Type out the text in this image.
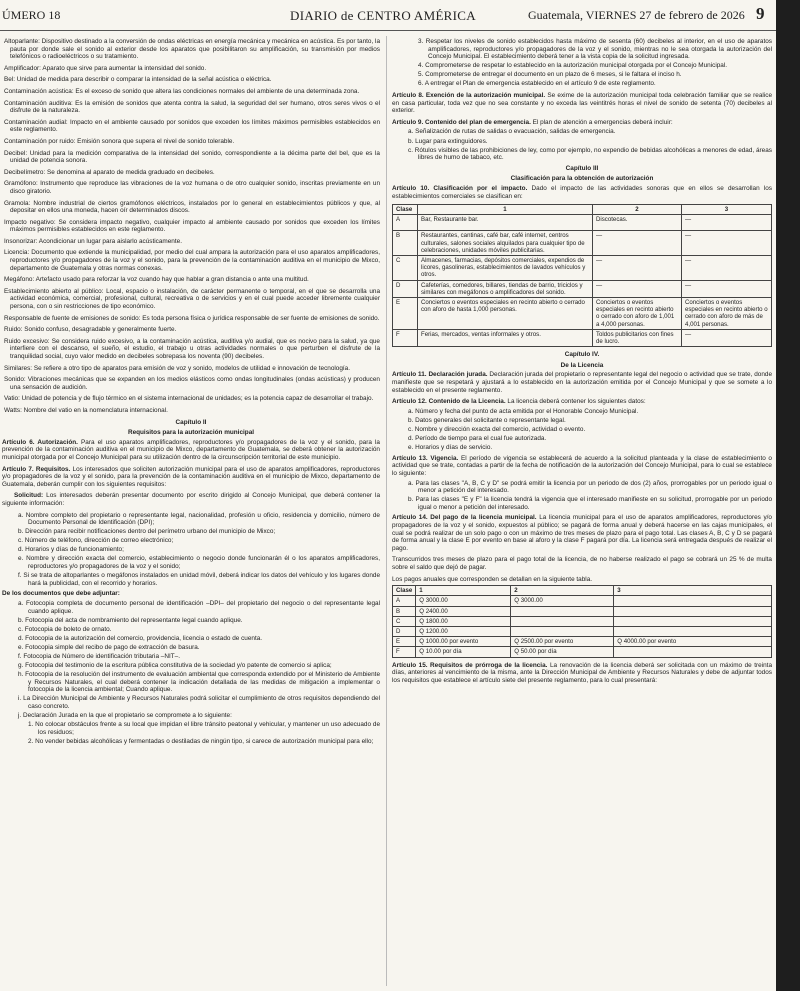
ÚMERO 18	DIARIO de CENTRO AMÉRICA	Guatemala, VIERNES 27 de febrero de 2026 9

Altoparlante: Dispositivo destinado a la conversión de ondas eléctricas en energía mecánica y mecánica en acústica. Es por tanto, la pauta por donde sale el sonido al exterior desde los aparatos que posibilitaron su amplificación, su transmisión por medios telefónicos o radioeléctricos o su tratamiento.

Amplificador: Aparato que sirve para aumentar la intensidad del sonido.

Bel: Unidad de medida para describir o comparar la intensidad de la señal acústica o eléctrica.

Contaminación acústica: Es el exceso de sonido que altera las condiciones normales del ambiente de una determinada zona.

Contaminación auditiva: Es la emisión de sonidos que atenta contra la salud, la seguridad del ser humano, otros seres vivos o el disfrute de la naturaleza.

Contaminación audial: Impacto en el ambiente causado por sonidos que exceden los límites máximos permisibles establecidos en este reglamento.

Contaminación por ruido: Emisión sonora que supera el nivel de sonido tolerable.

Decibel: Unidad para la medición comparativa de la intensidad del sonido, correspondiente a la décima parte del bel, que es la unidad de potencia sonora.

Decibelímetro: Se denomina al aparato de medida graduado en decibeles.

Gramófono: Instrumento que reproduce las vibraciones de la voz humana o de otro cualquier sonido, inscritas previamente en un disco giratorio.

Gramola: Nombre industrial de ciertos gramófonos eléctricos, instalados por lo general en establecimientos públicos y que, al depositar en ellos una moneda, hacen oír determinados discos.

Impacto negativo: Se considera impacto negativo, cualquier impacto al ambiente causado por sonidos que exceden los límites máximos permisibles establecidos en este reglamento.

Insonorizar: Acondicionar un lugar para aislarlo acústicamente.

Licencia: Documento que extiende la municipalidad, por medio del cual ampara la autorización para el uso aparatos amplificadores, reproductores y/o propagadores de la voz y el sonido, para la prevención de la contaminación auditiva en el municipio de Mixco, departamento de Guatemala y otras normas conexas.

Megáfono: Artefacto usado para reforzar la voz cuando hay que hablar a gran distancia o ante una multitud.

Establecimiento abierto al público: Local, espacio o instalación, de carácter permanente o temporal, en el que se desarrolla una actividad económica, comercial, profesional, cultural, recreativa o de servicios y en el cual puede acceder libremente cualquier persona, con o sin restricciones de tipo económico.

Responsable de fuente de emisiones de sonido: Es toda persona física o jurídica responsable de ser fuente de emisiones de sonido.

Ruido: Sonido confuso, desagradable y generalmente fuerte.

Ruido excesivo: Se considera ruido excesivo, a la contaminación acústica, auditiva y/o audial, que es nocivo para la salud, ya que interfiere con el descanso, el sueño, el estudio, el trabajo u otras actividades normales o que perturben el disfrute de la tranquilidad social, cuyo valor medido en decibeles sobrepasa los noventa (90) decibeles.

Similares: Se refiere a otro tipo de aparatos para emisión de voz y sonido, modelos de utilidad e innovación de tecnología.

Sonido: Vibraciones mecánicas que se expanden en los medios elásticos como ondas longitudinales (ondas acústicas) y producen una sensación de audición.

Vatio: Unidad de potencia y de flujo térmico en el sistema internacional de unidades; es la potencia capaz de desarrollar el trabajo.

Watts: Nombre del vatio en la nomenclatura internacional.

Capítulo II
Requisitos para la autorización municipal

Artículo 6. Autorización. Para el uso aparatos amplificadores, reproductores y/o propagadores de la voz y el sonido, para la prevención de la contaminación auditiva en el municipio de Mixco, departamento de Guatemala, se deberá obtener la autorización municipal otorgada por el Concejo Municipal para su utilización dentro de la circunscripción territorial de este municipio.

Artículo 7. Requisitos. Los interesados que soliciten autorización municipal para el uso de aparatos amplificadores, reproductores y/o propagadores de la voz y el sonido, para la prevención de la contaminación auditiva en el municipio de Mixco, departamento de Guatemala, deberán cumplir con los siguientes requisitos:

Solicitud: Los interesados deberán presentar documento por escrito dirigido al Concejo Municipal, que deberá contener la siguiente información:

a. Nombre completo del propietario o representante legal, nacionalidad, profesión u oficio, residencia y domicilio, número de Documento Personal de Identificación (DPI);

b. Dirección para recibir notificaciones dentro del perímetro urbano del municipio de Mixco;

c. Número de teléfono, dirección de correo electrónico;

d. Horarios y días de funcionamiento;

e. Nombre y dirección exacta del comercio, establecimiento o negocio donde funcionarán él o los aparatos amplificadores, reproductores y/o propagadores de la voz y el sonido;

f. Si se trata de altoparlantes o megáfonos instalados en unidad móvil, deberá indicar los datos del vehículo y los lugares donde hará la publicidad, con el recorrido y horarios.

De los documentos que debe adjuntar:

a. Fotocopia completa de documento personal de identificación –DPI– del propietario del negocio o del representante legal cuando aplique.

b. Fotocopia del acta de nombramiento del representante legal cuando aplique.

c. Fotocopia de boleto de ornato.

d. Fotocopia de la autorización del comercio, providencia, licencia o estado de cuenta.

e. Fotocopia simple del recibo de pago de extracción de basura.

f. Fotocopia de Número de identificación tributaria –NIT–.

g. Fotocopia del testimonio de la escritura pública constitutiva de la sociedad y/o patente de comercio si aplica;

h. Fotocopia de la resolución del instrumento de evaluación ambiental que corresponda extendido por el Ministerio de Ambiente y Recursos Naturales, el cual deberá contener la indicación detallada de las medidas de mitigación a implementar o fotocopia de la licencia ambiental; Cuando aplique.

i. La Dirección Municipal de Ambiente y Recursos Naturales podrá solicitar el cumplimiento de otros requisitos dependiendo del caso concreto.

j. Declaración Jurada en la que el propietario se compromete a lo siguiente:

1. No colocar obstáculos frente a su local que impidan el libre tránsito peatonal y vehicular, y mantener un uso adecuado de los residuos;

2. No vender bebidas alcohólicas y fermentadas o destiladas de ningún tipo, si carece de autorización municipal para ello;

3. Respetar los niveles de sonido establecidos hasta máximo de sesenta (60) decibeles al interior, en el uso de aparatos amplificadores, reproductores y/o propagadores de la voz y el sonido, mientras no le sea otorgada la autorización del Concejo Municipal. El establecimiento deberá tener a la vista copia de la solicitud ingresada.

4. Comprometerse de respetar lo establecido en la autorización municipal otorgada por el Concejo Municipal.

5. Comprometerse de entregar el documento en un plazo de 6 meses, si le faltara el inciso h.

6. A entregar el Plan de emergencia establecido en el artículo 9 de este reglamento.

Artículo 8. Exención de la autorización municipal. Se exime de la autorización municipal toda celebración familiar que se realice en casa particular, toda vez que no sea constante y no exceda las veintitrés horas el nivel de sonido de setenta (70) decibeles al exterior.

Artículo 9. Contenido del plan de emergencia. El plan de atención a emergencias deberá incluir:

a. Señalización de rutas de salidas o evacuación, salidas de emergencia.

b. Lugar para extinguidores.

c. Rótulos visibles de las prohibiciones de ley, como por ejemplo, no expendio de bebidas alcohólicas a menores de edad, áreas libres de humo de tabaco, etc.

Capítulo III
Clasificación para la obtención de autorización

Artículo 10. Clasificación por el impacto. Dado el impacto de las actividades sonoras que en ellos se desarrollan los establecimientos comerciales se clasifican en:

Clase	1	2	3
A	Bar, Restaurante bar.	Discotecas.	—
B	Restaurantes, cantinas, café bar, café internet, centros culturales, salones sociales alquilados para cualquier tipo de celebraciones, unidades móviles publicitarias.	—	—
C	Almacenes, farmacias, depósitos comerciales, expendios de licores, gasolineras, establecimientos de lavados vehículos y otros.	—	—
D	Cafeterías, comedores, billares, tiendas de barrio, triciclos y similares con megáfonos o amplificadores del sonido.	—	—
E	Conciertos o eventos especiales en recinto abierto o cerrado con aforo de hasta 1,000 personas.	Conciertos o eventos especiales en recinto abierto o cerrado con aforo de 1,001 a 4,000 personas.	Conciertos o eventos especiales en recinto abierto o cerrado con aforo de más de 4,001 personas.
F	Ferias, mercados, ventas informales y otros.	Toldos publicitarios con fines de lucro.	—
Capítulo IV.
De la Licencia

Artículo 11. Declaración jurada. Declaración jurada del propietario o representante legal del negocio o actividad que se trate, donde manifieste que se respetará y ajustará a lo establecido en la autorización emitida por el Concejo Municipal y que se somete a lo establecido en el presente reglamento.

Artículo 12. Contenido de la Licencia. La licencia deberá contener los siguientes datos:

a. Número y fecha del punto de acta emitida por el Honorable Concejo Municipal.

b. Datos generales del solicitante o representante legal.

c. Nombre y dirección exacta del comercio, actividad o evento.

d. Período de tiempo para el cual fue autorizada.

e. Horarios y días de servicio.

Artículo 13. Vigencia. El período de vigencia se establecerá de acuerdo a la solicitud planteada y la clase de establecimiento o actividad que se trate, contadas a partir de la fecha de notificación de la autorización del Concejo Municipal, para lo cual se establece lo siguiente:

a. Para las clases "A, B, C y D" se podrá emitir la licencia por un periodo de dos (2) años, prorrogables por un periodo igual o menor a petición del interesado.

b. Para las clases "E y F" la licencia tendrá la vigencia que el interesado manifieste en su solicitud, prorrogable por un periodo igual o menor a petición del interesado.

Artículo 14. Del pago de la licencia municipal. La licencia municipal para el uso de aparatos amplificadores, reproductores y/o propagadores de la voz y el sonido, expuestos al público; se pagará de forma anual y deberá hacerse en las cajas municipales, el cual se podrá realizar de un solo pago o con un máximo de tres meses de plazo para el pago total. Las clases A, B, C y D se pagará de forma anual y la clase E por evento en base al aforo y la clase F pagará por día. La licencia será entregada después de realizar el pago.

Transcurridos tres meses de plazo para el pago total de la licencia, de no haberse realizado el pago se cobrará un 25 % de multa sobre el saldo que dejó de pagar.

Los pagos anuales que corresponden se detallan en la siguiente tabla.

Clase	1	2	3
A	Q 3000.00	Q 3000.00	
B	Q 2400.00		
C	Q 1800.00		
D	Q 1200.00		
E	Q 1000.00 por evento	Q 2500.00 por evento	Q 4000.00 por evento
F	Q 10.00 por día	Q 50.00 por día	

Artículo 15. Requisitos de prórroga de la licencia. La renovación de la licencia deberá ser solicitada con un máximo de treinta días, anteriores al vencimiento de la misma, ante la Dirección Municipal de Ambiente y Recursos Naturales y debe de adjuntar todos los requisitos que establece el artículo siete del presente reglamento, para lo cual presentará:
